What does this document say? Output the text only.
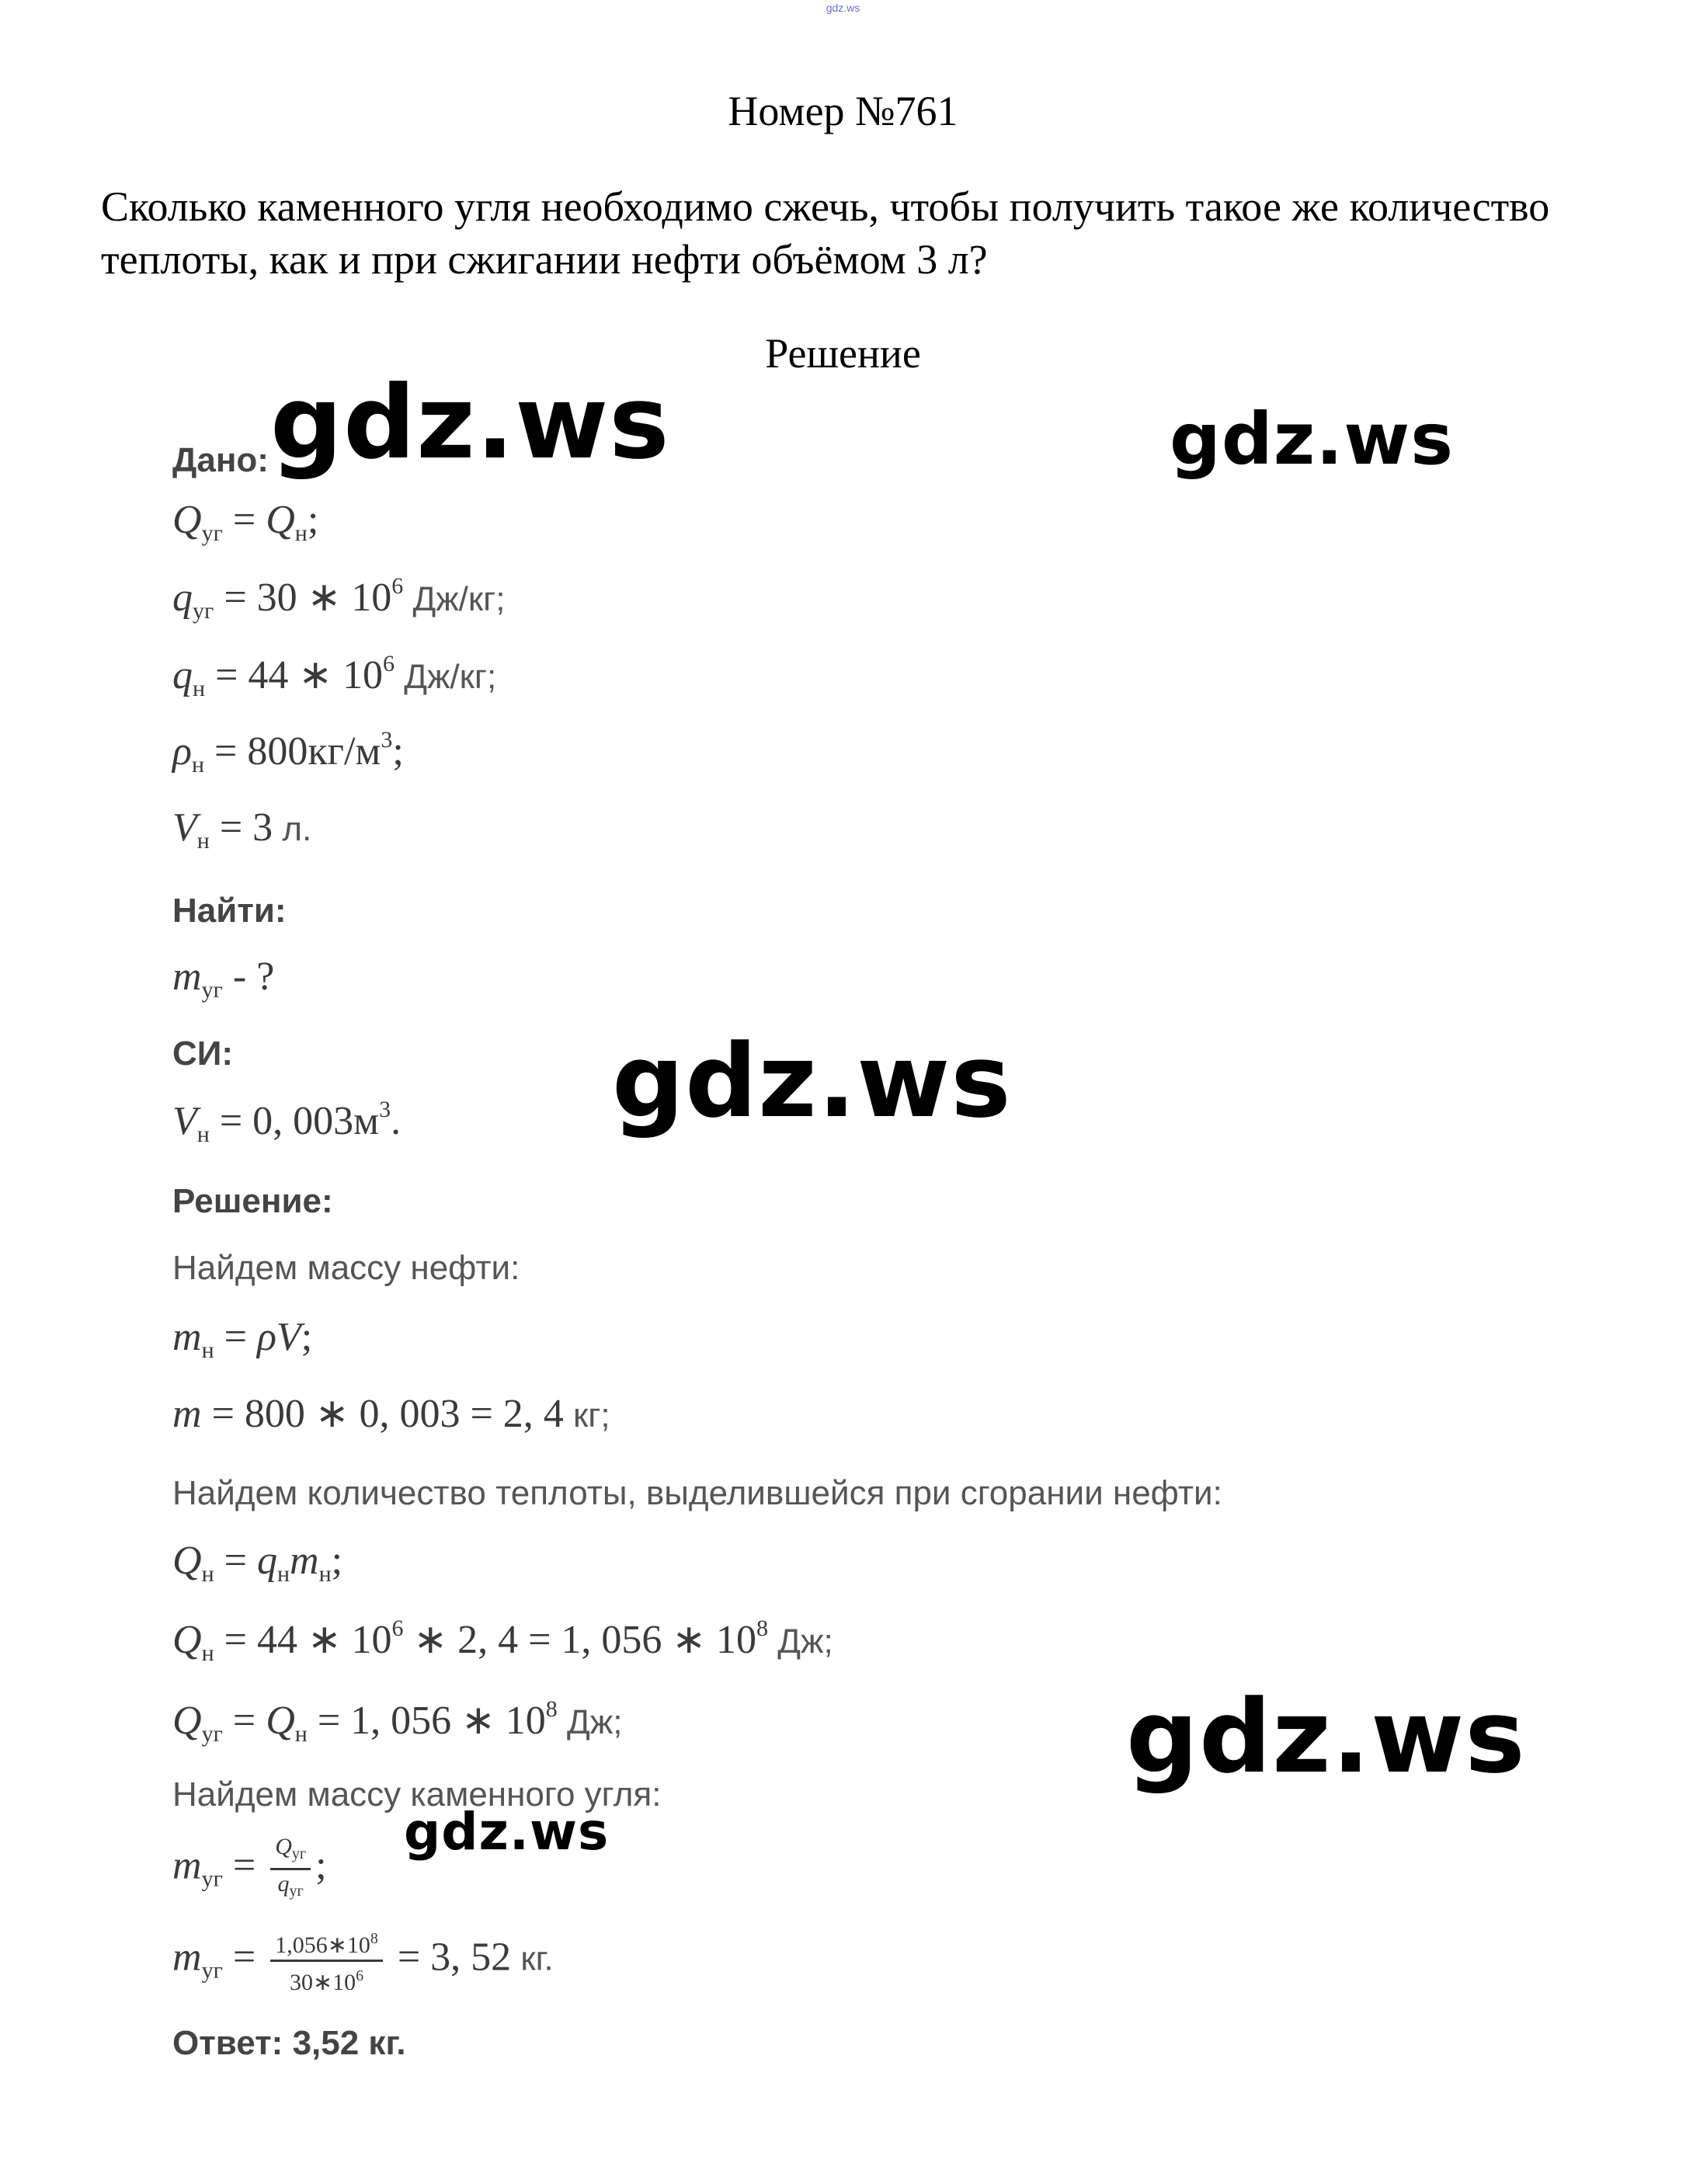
gdz.ws
Номер №761
Сколько каменного угля необходимо сжечь, чтобы получить такое же количество теплоты, как и при сжигании нефти объёмом 3 л?
Решение
Дано:
$Q_{уг} = Q_н$;
$q_{уг} = 30$ ∗ $10^6$ Дж/кг;
$q_н = 44$ ∗ $10^6$ Дж/кг;
$\rho_н = 800кг/м^3$;
$V_н = 3$ л.
Найти:
$m_{уг}$ - ?
СИ:
$V_н = 0$, $003м^3$.
Решение:
Найдем массу нефти:
$m_н = \rho V$;
m = 800 ∗ 0, 003 = 2, 4 кг;
Найдем количество теплоты, выделившейся при сгорании нефти:
$Q_н = q_нm_н$;
$Q_н = 44$ ∗ $10^6$ ∗ 2, 4 = 1, 056 ∗ $10^8$ Дж;
$Q_{уг} = Q_н = 1$, 056 ∗ $10^8$ Дж;
Найдем массу каменного угля:
$m_{уг} = \frac{Q_{уг}}{q_{уг}}$ ;
$m_{уг} = \frac{1,056∗10^8}{30∗10^6} = 3$, 52 кг.
Ответ: 3,52 кг.
gdz.ws	gdz.ws
gdz.ws
gdz.ws
gdz.ws
